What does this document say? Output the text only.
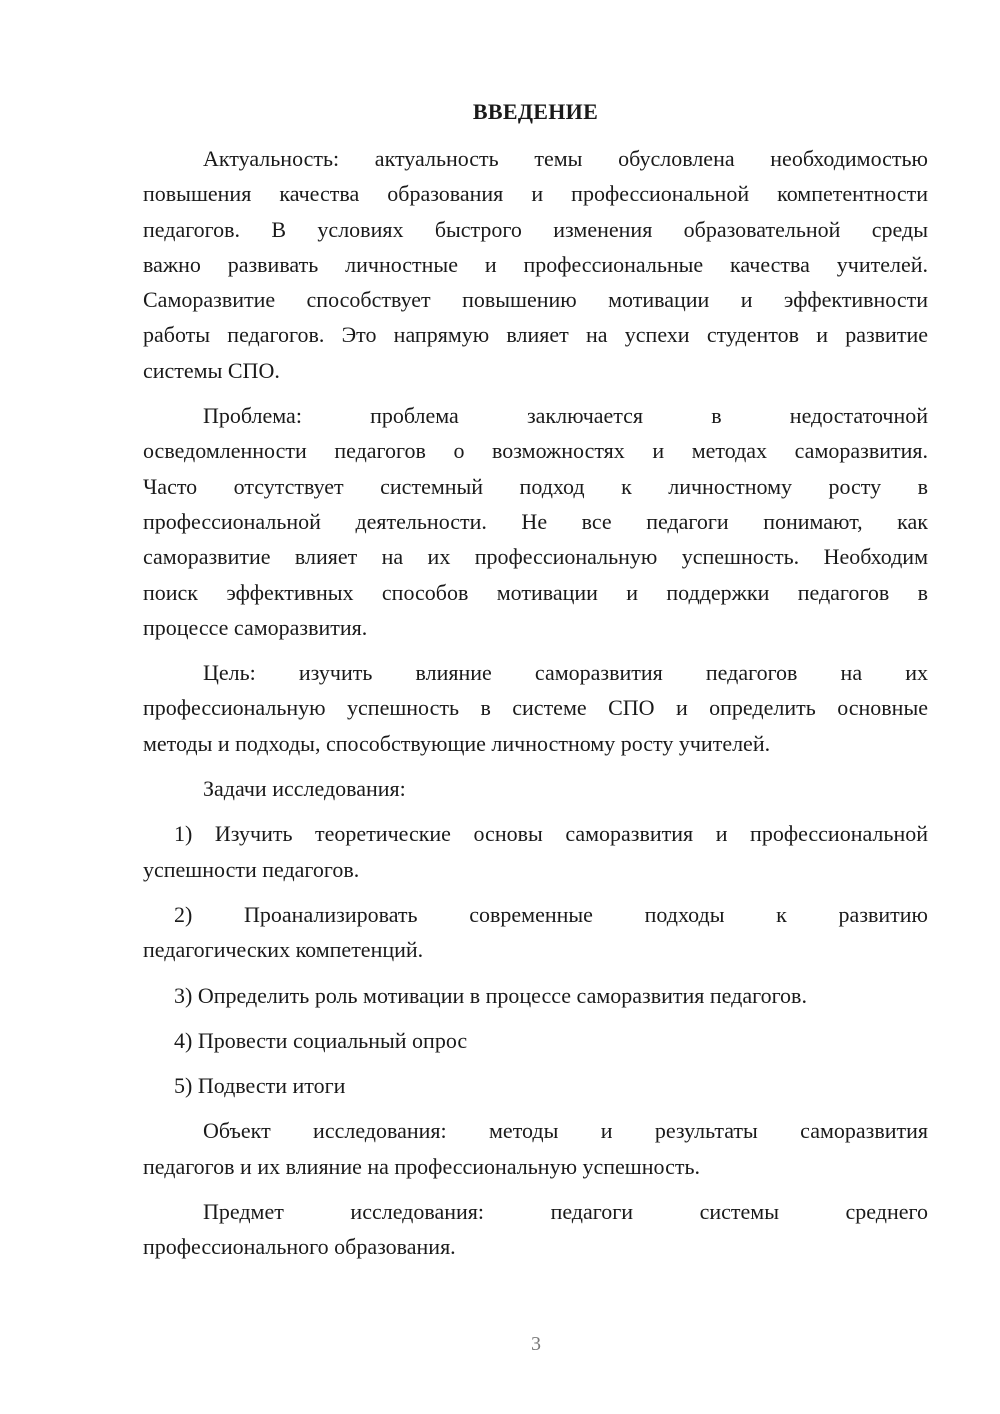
ВВЕДЕНИЕ
Актуальность: актуальность темы обусловлена необходимостью
повышения качества образования и профессиональной компетентности
педагогов. В условиях быстрого изменения образовательной среды
важно развивать личностные и профессиональные качества учителей.
Саморазвитие способствует повышению мотивации и эффективности
работы педагогов. Это напрямую влияет на успехи студентов и развитие
системы СПО.
Проблема: проблема заключается в недостаточной
осведомленности педагогов о возможностях и методах саморазвития.
Часто отсутствует системный подход к личностному росту в
профессиональной деятельности. Не все педагоги понимают, как
саморазвитие влияет на их профессиональную успешность. Необходим
поиск эффективных способов мотивации и поддержки педагогов в
процессе саморазвития.
Цель: изучить влияние саморазвития педагогов на их
профессиональную успешность в системе СПО и определить основные
методы и подходы, способствующие личностному росту учителей.
Задачи исследования:
1) Изучить теоретические основы саморазвития и профессиональной
успешности педагогов.
2) Проанализировать современные подходы к развитию
педагогических компетенций.
3) Определить роль мотивации в процессе саморазвития педагогов.
4) Провести социальный опрос
5) Подвести итоги
Объект исследования: методы и результаты саморазвития
педагогов и их влияние на профессиональную успешность.
Предмет исследования: педагоги системы среднего
профессионального образования.
3
